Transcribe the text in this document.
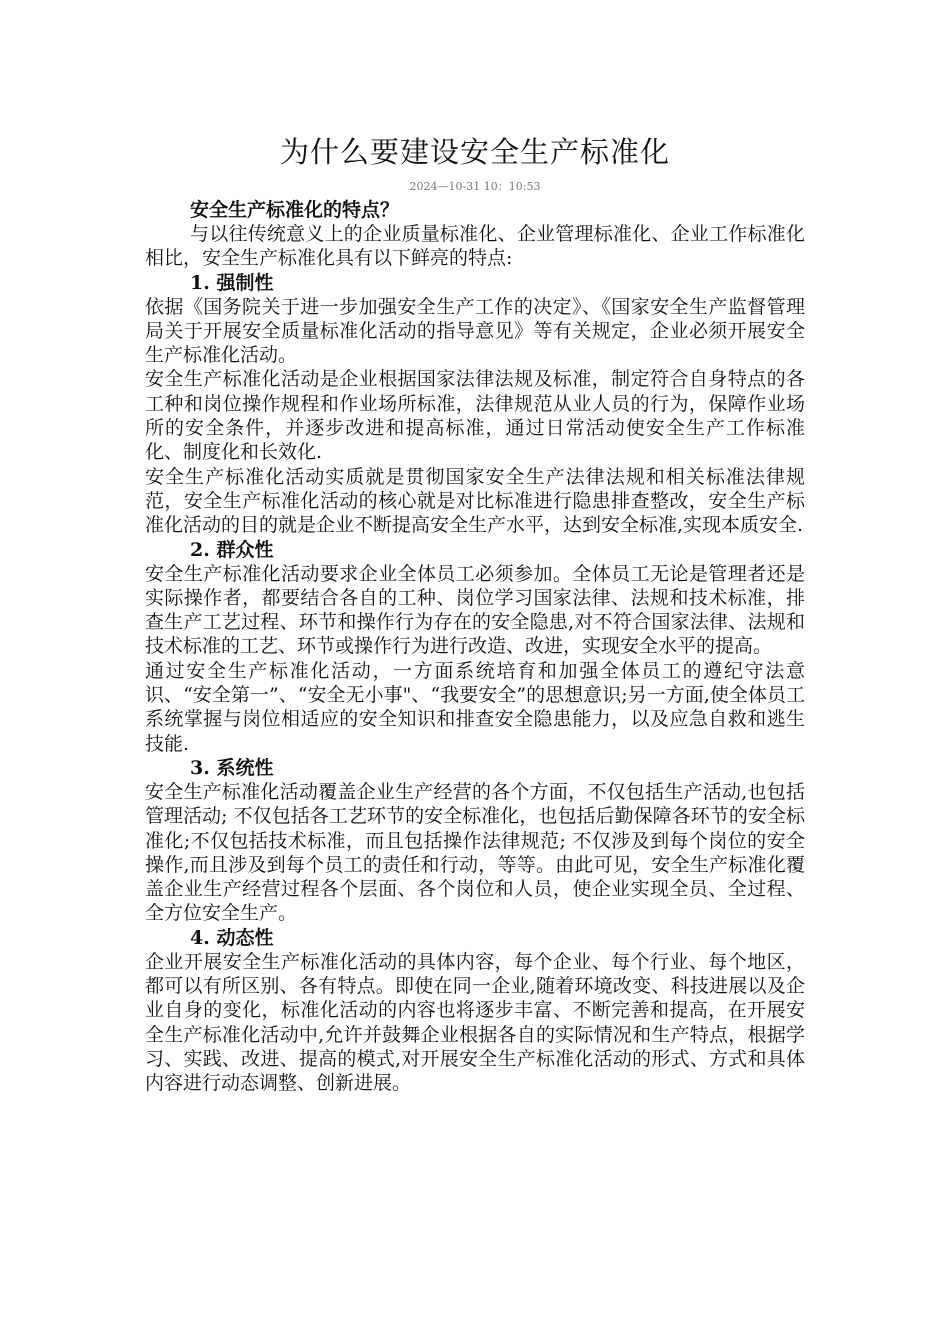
为什么要建设安全生产标准化
2024—10-31 10：10:53

安全生产标准化的特点？

与以往传统意义上的企业质量标准化、企业管理标准化、企业工作标准化相比，安全生产标准化具有以下鲜亮的特点:

1. 强制性

依据《国务院关于进一步加强安全生产工作的决定》、《国家安全生产监督管理局关于开展安全质量标准化活动的指导意见》等有关规定，企业必须开展安全生产标准化活动。

安全生产标准化活动是企业根据国家法律法规及标准，制定符合自身特点的各工种和岗位操作规程和作业场所标准，法律规范从业人员的行为，保障作业场所的安全条件，并逐步改进和提高标准，通过日常活动使安全生产工作标准化、制度化和长效化.

安全生产标准化活动实质就是贯彻国家安全生产法律法规和相关标准法律规范，安全生产标准化活动的核心就是对比标准进行隐患排查整改，安全生产标准化活动的目的就是企业不断提高安全生产水平，达到安全标准,实现本质安全.

2. 群众性

安全生产标准化活动要求企业全体员工必须参加。全体员工无论是管理者还是实际操作者，都要结合各自的工种、岗位学习国家法律、法规和技术标准，排查生产工艺过程、环节和操作行为存在的安全隐患,对不符合国家法律、法规和技术标准的工艺、环节或操作行为进行改造、改进，实现安全水平的提高。

通过安全生产标准化活动，一方面系统培育和加强全体员工的遵纪守法意识、“安全第一”、“安全无小事"、“我要安全”的思想意识;另一方面,使全体员工系统掌握与岗位相适应的安全知识和排查安全隐患能力，以及应急自救和逃生技能.

3. 系统性

安全生产标准化活动覆盖企业生产经营的各个方面，不仅包括生产活动,也包括管理活动; 不仅包括各工艺环节的安全标准化，也包括后勤保障各环节的安全标准化;不仅包括技术标准，而且包括操作法律规范; 不仅涉及到每个岗位的安全操作,而且涉及到每个员工的责任和行动，等等。由此可见，安全生产标准化覆盖企业生产经营过程各个层面、各个岗位和人员，使企业实现全员、全过程、全方位安全生产。

4. 动态性

企业开展安全生产标准化活动的具体内容，每个企业、每个行业、每个地区，都可以有所区别、各有特点。即使在同一企业,随着环境改变、科技进展以及企业自身的变化，标准化活动的内容也将逐步丰富、不断完善和提高，在开展安全生产标准化活动中,允许并鼓舞企业根据各自的实际情况和生产特点，根据学习、实践、改进、提高的模式,对开展安全生产标准化活动的形式、方式和具体内容进行动态调整、创新进展。
